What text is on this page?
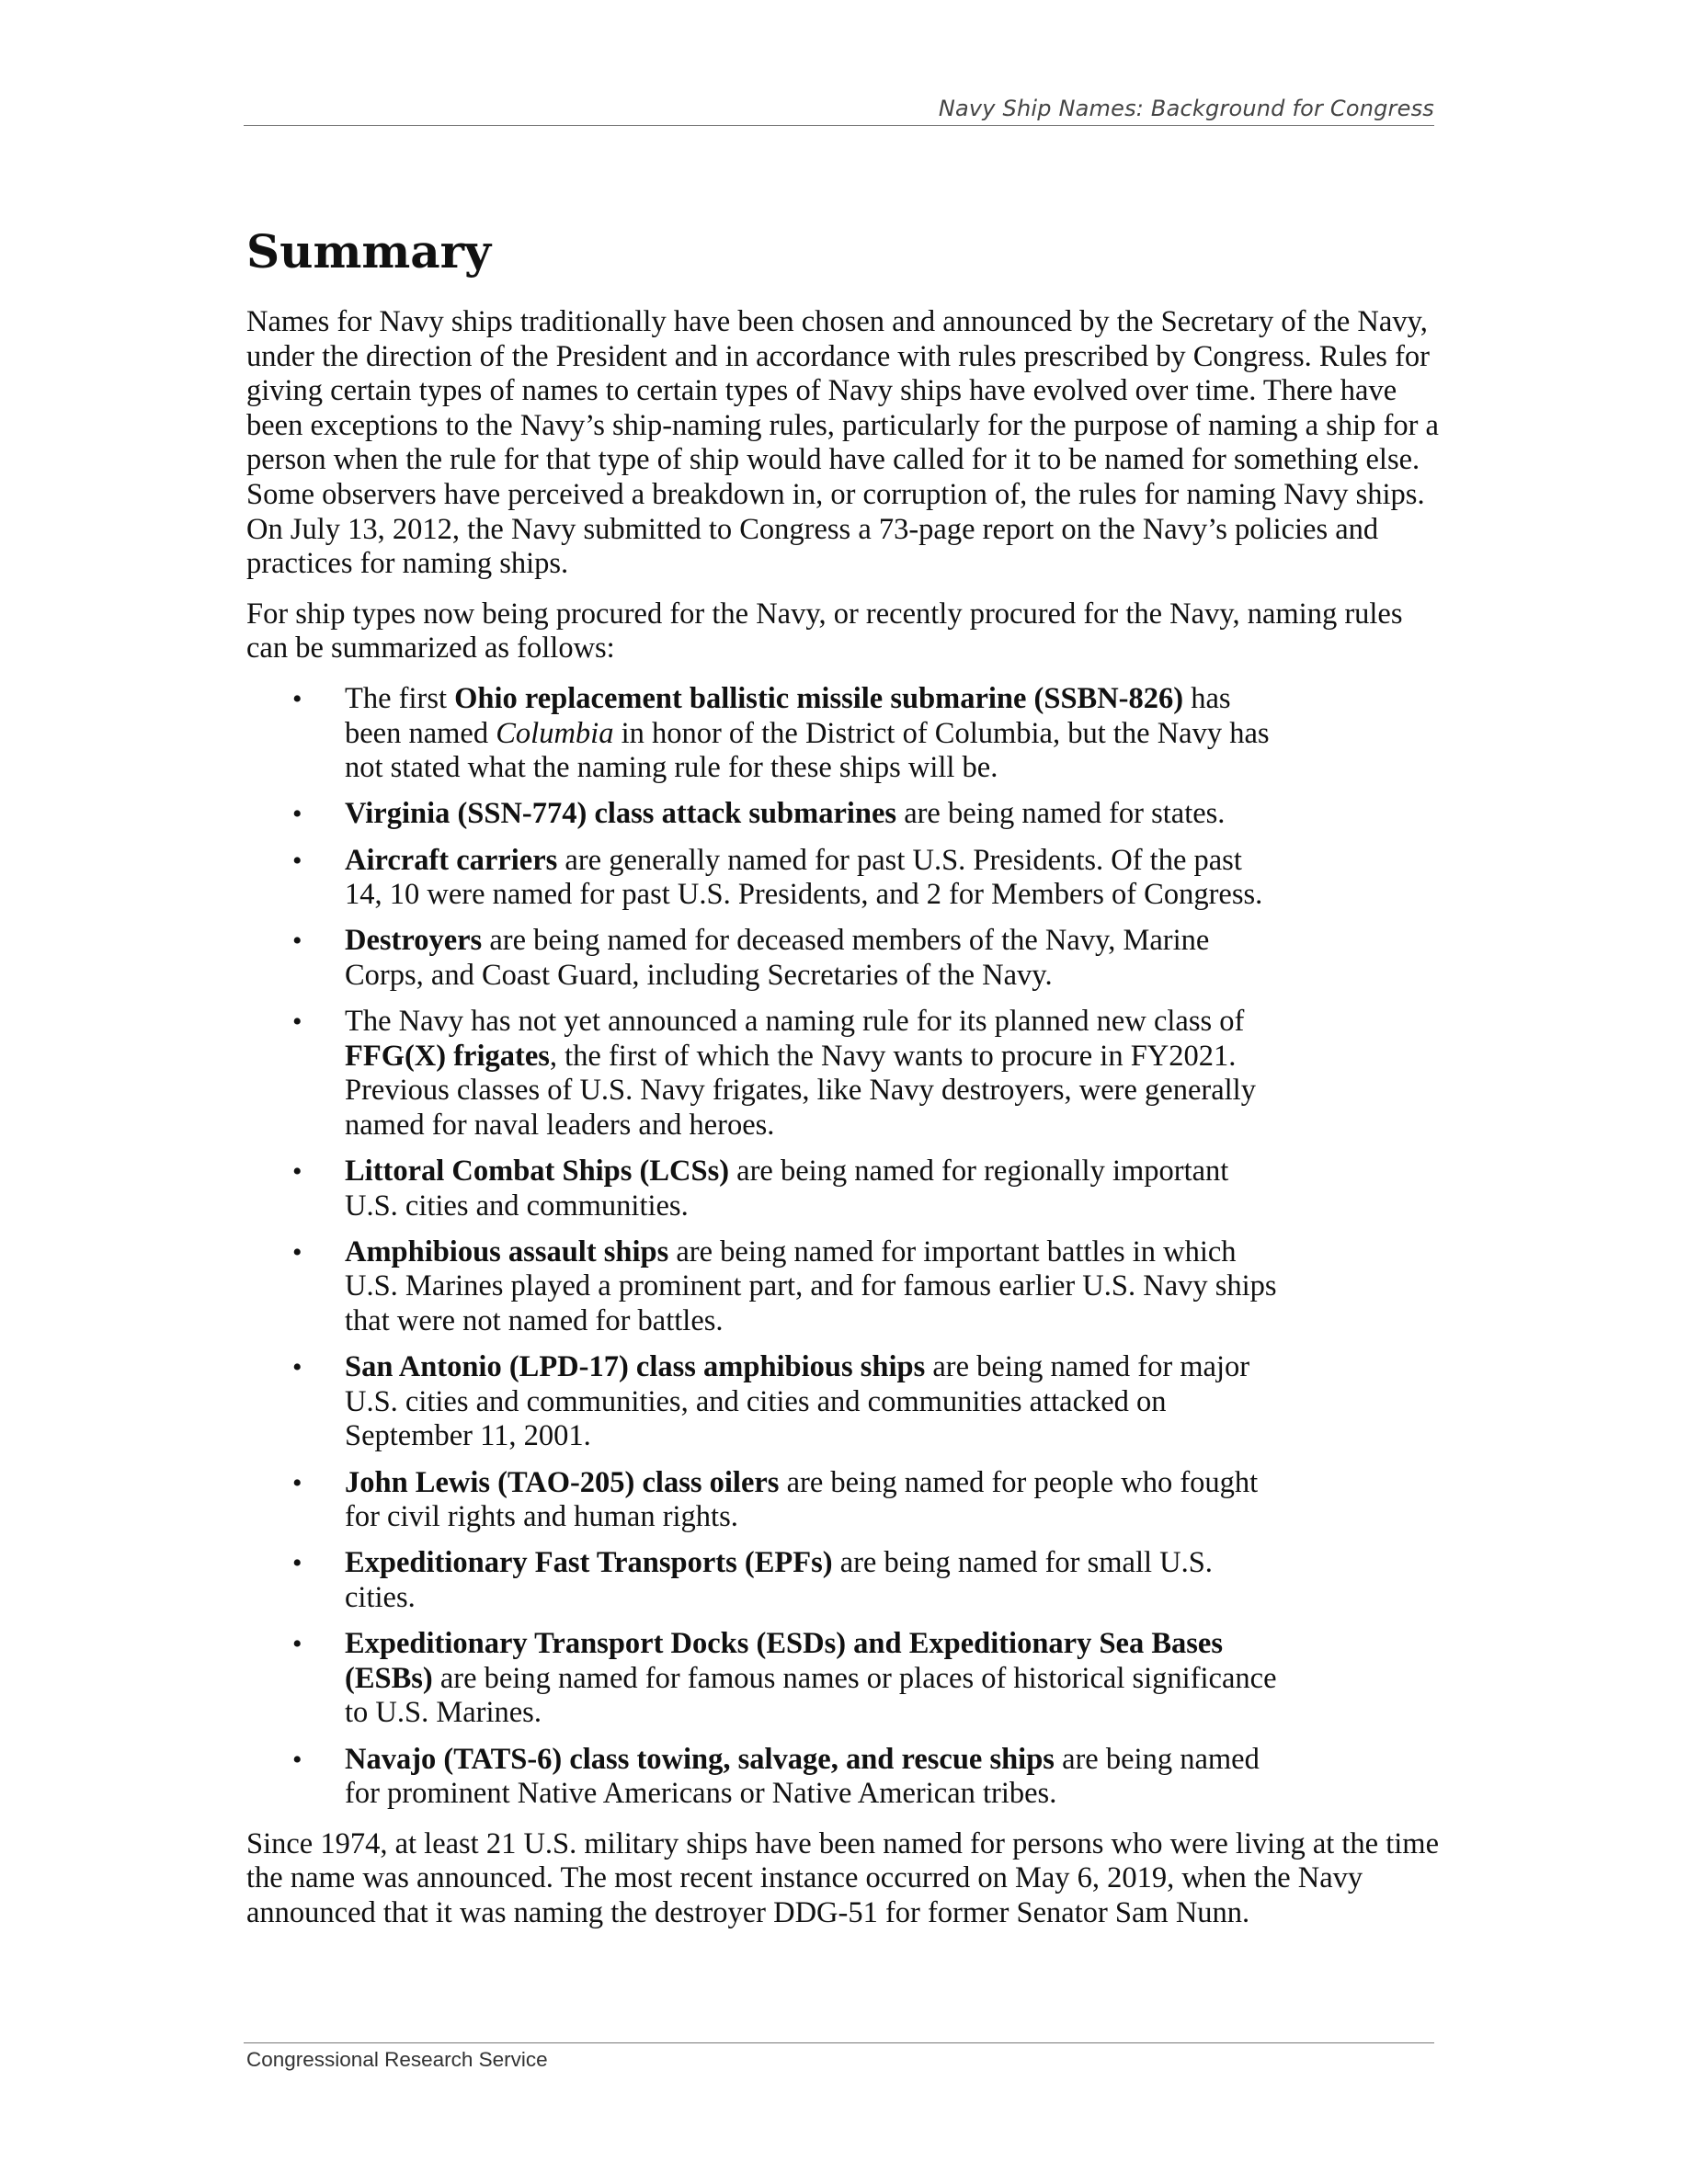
Navy Ship Names: Background for Congress
Summary

Names for Navy ships traditionally have been chosen and announced by the Secretary of the Navy, under the direction of the President and in accordance with rules prescribed by Congress. Rules for giving certain types of names to certain types of Navy ships have evolved over time. There have been exceptions to the Navy’s ship-naming rules, particularly for the purpose of naming a ship for a person when the rule for that type of ship would have called for it to be named for something else. Some observers have perceived a breakdown in, or corruption of, the rules for naming Navy ships. On July 13, 2012, the Navy submitted to Congress a 73-page report on the Navy’s policies and practices for naming ships.

For ship types now being procured for the Navy, or recently procured for the Navy, naming rules can be summarized as follows:

• The first Ohio replacement ballistic missile submarine (SSBN-826) has been named Columbia in honor of the District of Columbia, but the Navy has not stated what the naming rule for these ships will be.
• Virginia (SSN-774) class attack submarines are being named for states.
• Aircraft carriers are generally named for past U.S. Presidents. Of the past 14, 10 were named for past U.S. Presidents, and 2 for Members of Congress.
• Destroyers are being named for deceased members of the Navy, Marine Corps, and Coast Guard, including Secretaries of the Navy.
• The Navy has not yet announced a naming rule for its planned new class of FFG(X) frigates, the first of which the Navy wants to procure in FY2021. Previous classes of U.S. Navy frigates, like Navy destroyers, were generally named for naval leaders and heroes.
• Littoral Combat Ships (LCSs) are being named for regionally important U.S. cities and communities.
• Amphibious assault ships are being named for important battles in which U.S. Marines played a prominent part, and for famous earlier U.S. Navy ships that were not named for battles.
• San Antonio (LPD-17) class amphibious ships are being named for major U.S. cities and communities, and cities and communities attacked on September 11, 2001.
• John Lewis (TAO-205) class oilers are being named for people who fought for civil rights and human rights.
• Expeditionary Fast Transports (EPFs) are being named for small U.S. cities.
• Expeditionary Transport Docks (ESDs) and Expeditionary Sea Bases (ESBs) are being named for famous names or places of historical significance to U.S. Marines.
• Navajo (TATS-6) class towing, salvage, and rescue ships are being named for prominent Native Americans or Native American tribes.

Since 1974, at least 21 U.S. military ships have been named for persons who were living at the time the name was announced. The most recent instance occurred on May 6, 2019, when the Navy announced that it was naming the destroyer DDG-51 for former Senator Sam Nunn.

Congressional Research Service
